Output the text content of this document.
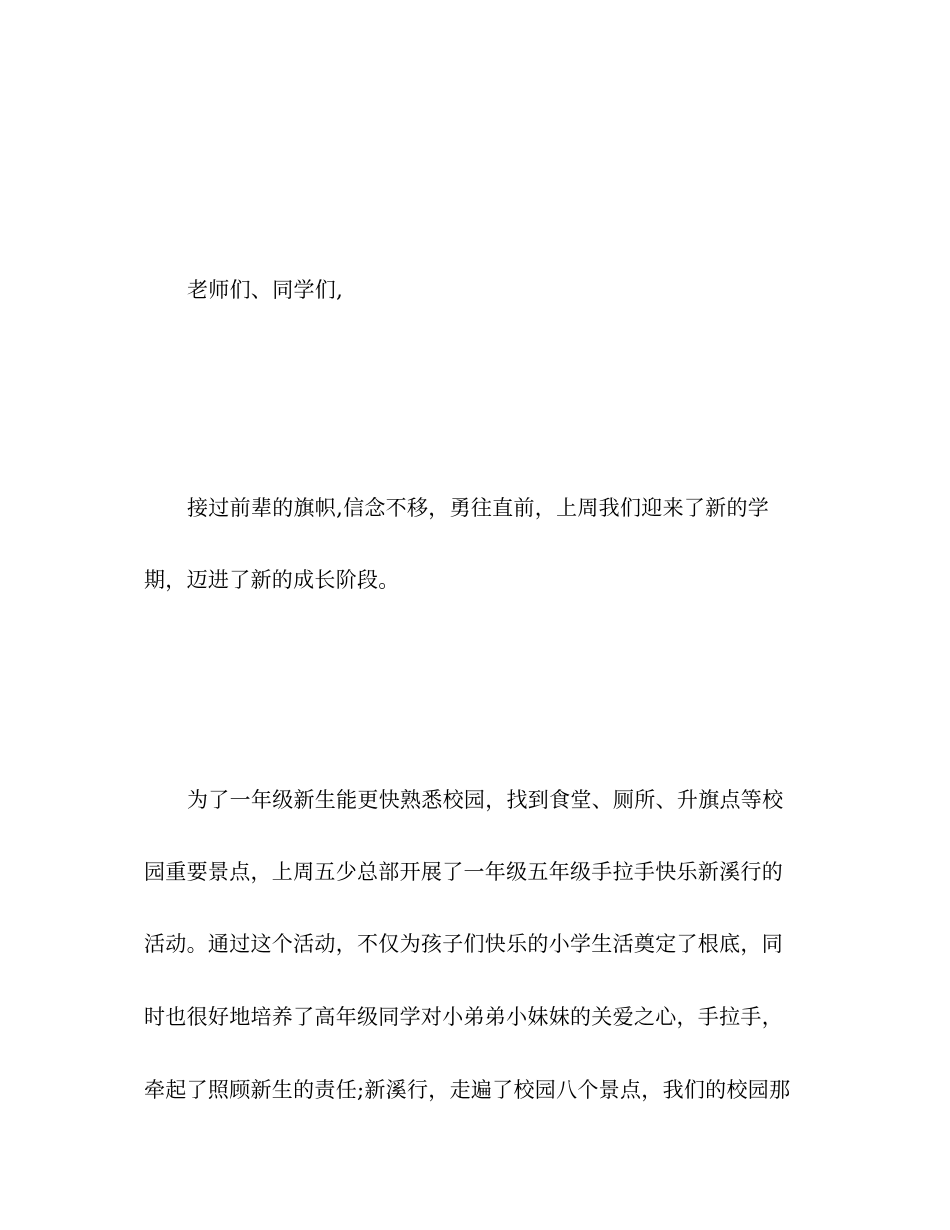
老师们、同学们,
接过前辈的旗帜,信念不移，勇往直前，上周我们迎来了新的学
期，迈进了新的成长阶段。
为了一年级新生能更快熟悉校园，找到食堂、厕所、升旗点等校
园重要景点，上周五少总部开展了一年级五年级手拉手快乐新溪行的
活动。通过这个活动，不仅为孩子们快乐的小学生活奠定了根底，同
时也很好地培养了高年级同学对小弟弟小妹妹的关爱之心，手拉手，
牵起了照顾新生的责任;新溪行，走遍了校园八个景点，我们的校园那
